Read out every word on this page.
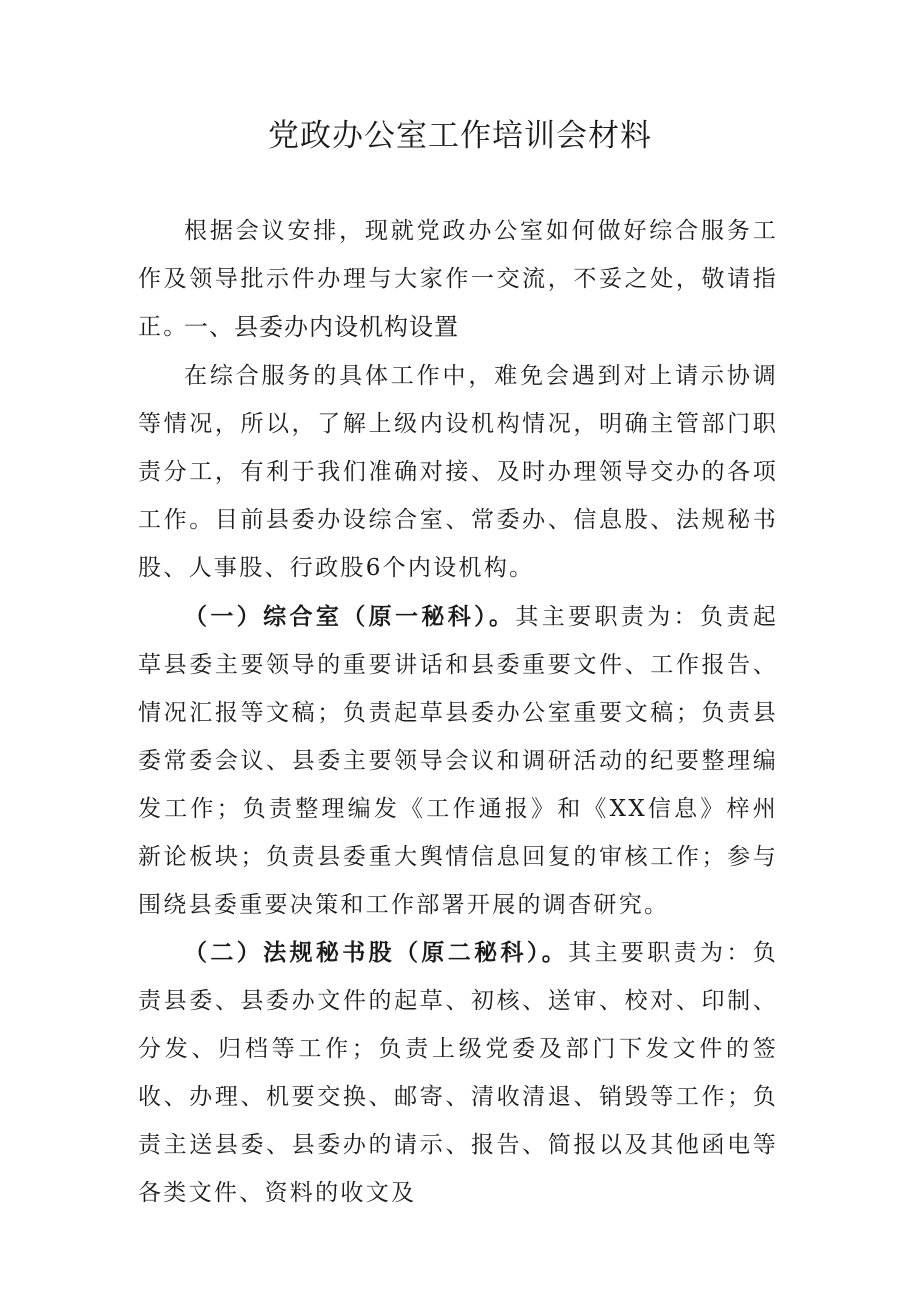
党政办公室工作培训会材料

根据会议安排，现就党政办公室如何做好综合服务工作及领导批示件办理与大家作一交流，不妥之处，敬请指正。

一、县委办内设机构设置

在综合服务的具体工作中，难免会遇到对上请示协调等情况，所以，了解上级内设机构情况，明确主管部门职责分工，有利于我们准确对接、及时办理领导交办的各项工作。目前县委办设综合室、常委办、信息股、法规秘书股、人事股、行政股6个内设机构。

（一）综合室（原一秘科）。其主要职责为：负责起草县委主要领导的重要讲话和县委重要文件、工作报告、情况汇报等文稿；负责起草县委办公室重要文稿；负责县委常委会议、县委主要领导会议和调研活动的纪要整理编发工作；负责整理编发《工作通报》和《XX信息》梓州新论板块；负责县委重大舆情信息回复的审核工作；参与围绕县委重要决策和工作部署开展的调杳研究。

（二）法规秘书股（原二秘科）。其主要职责为：负责县委、县委办文件的起草、初核、送审、校对、印制、分发、归档等工作；负责上级党委及部门下发文件的签收、办理、机要交换、邮寄、清收清退、销毁等工作；负责主送县委、县委办的请示、报告、简报以及其他函电等各类文件、资料的收文及
